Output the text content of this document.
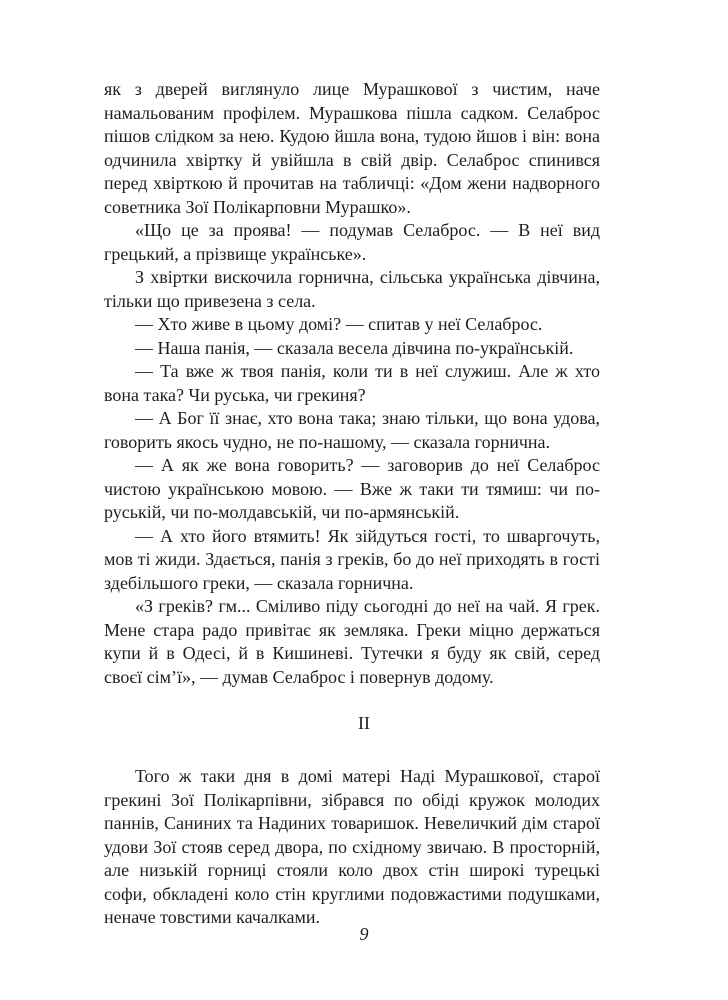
як з дверей виглянуло лице Мурашкової з чистим, наче намальованим профілем. Мурашкова пішла садком. Селаброс пішов слідком за нею. Кудою йшла вона, тудою йшов і він: вона одчинила хвіртку й увійшла в свій двір. Селаброс спинився перед хвірткою й прочитав на табличці: «Дом жени надворного советника Зої Полікарповни Мурашко».

«Що це за проява! — подумав Селаброс. — В неї вид грецький, а прізвище українське».

З хвіртки вискочила горнична, сільська українська дівчина, тільки що привезена з села.

— Хто живе в цьому домі? — спитав у неї Селаброс.

— Наша панія, — сказала весела дівчина по-українській.

— Та вже ж твоя панія, коли ти в неї служиш. Але ж хто вона така? Чи руська, чи грекиня?

— А Бог її знає, хто вона така; знаю тільки, що вона удова, говорить якось чудно, не по-нашому, — сказала горнична.

— А як же вона говорить? — заговорив до неї Селаброс чистою українською мовою. — Вже ж таки ти тямиш: чи по-руській, чи по-молдавській, чи по-армянській.

— А хто його втямить! Як зійдуться гості, то шваргочуть, мов ті жиди. Здається, панія з греків, бо до неї приходять в гості здебільшого греки, — сказала горнична.

«З греків? гм... Сміливо піду сьогодні до неї на чай. Я грек. Мене стара радо привітає як земляка. Греки міцно держаться купи й в Одесі, й в Кишиневі. Тутечки я буду як свій, серед своєї сім’ї», — думав Селаброс і повернув додому.

II

Того ж таки дня в домі матері Наді Мурашкової, старої грекині Зої Полікарпівни, зібрався по обіді кружок молодих паннів, Саниних та Надиних товаришок. Невеличкий дім старої удови Зої стояв серед двора, по східному звичаю. В просторній, але низькій горниці стояли коло двох стін широкі турецькі софи, обкладені коло стін круглими подовжастими подушками, неначе товстими качалками.

9
